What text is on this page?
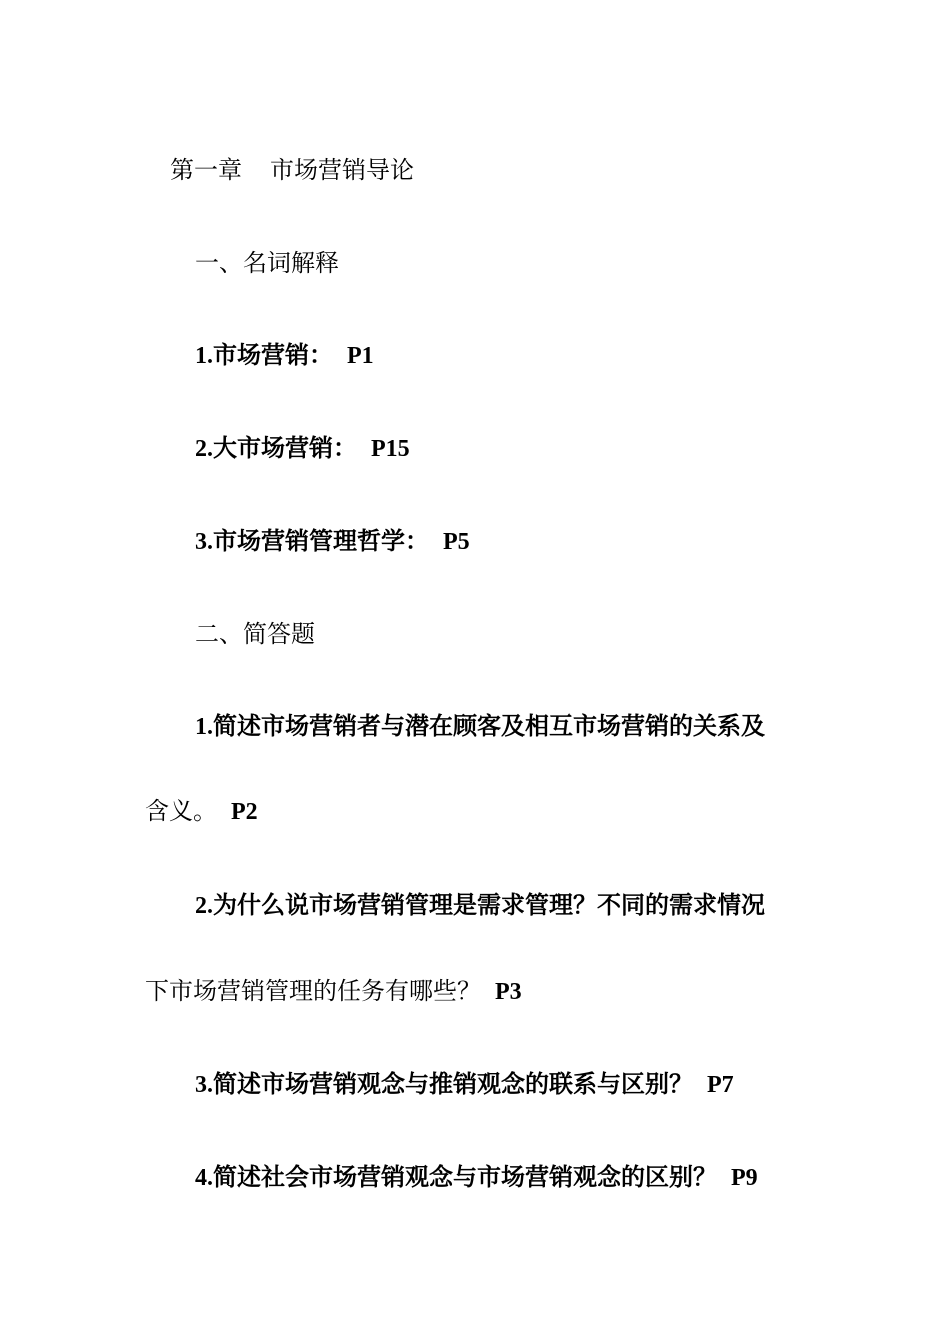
第一章 市场营销导论
一、名词解释
1.市场营销： P1
2.大市场营销： P15
3.市场营销管理哲学： P5
二、简答题
1.简述市场营销者与潜在顾客及相互市场营销的关系及
含义。 P2
2.为什么说市场营销管理是需求管理？不同的需求情况
下市场营销管理的任务有哪些？ P3
3.简述市场营销观念与推销观念的联系与区别？ P7
4.简述社会市场营销观念与市场营销观念的区别？ P9
